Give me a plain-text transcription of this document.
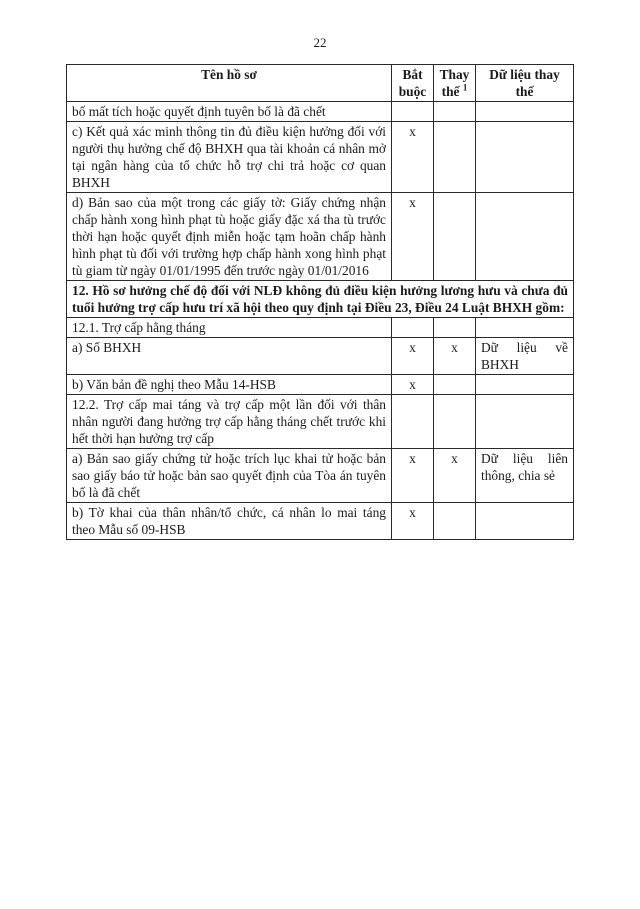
22
Tên hồ sơ	Bắt buộc	Thay thế $^1$	Dữ liệu thay thế
bố mất tích hoặc quyết định tuyên bố là đã chết			
c) Kết quả xác minh thông tin đủ điều kiện hưởng đối với người thụ hưởng chế độ BHXH qua tài khoản cá nhân mở tại ngân hàng của tổ chức hỗ trợ chi trả hoặc cơ quan BHXH	x		
d) Bản sao của một trong các giấy tờ: Giấy chứng nhận chấp hành xong hình phạt tù hoặc giấy đặc xá tha tù trước thời hạn hoặc quyết định miễn hoặc tạm hoãn chấp hành hình phạt tù đối với trường hợp chấp hành xong hình phạt tù giam từ ngày 01/01/1995 đến trước ngày 01/01/2016	x		
12. Hồ sơ hưởng chế độ đối với NLĐ không đủ điều kiện hưởng lương hưu và chưa đủ tuổi hưởng trợ cấp hưu trí xã hội theo quy định tại Điều 23, Điều 24 Luật BHXH gồm:			
12.1. Trợ cấp hằng tháng			
a) Sổ BHXH	x	x	Dữ liệu về BHXH
b) Văn bản đề nghị theo Mẫu 14-HSB	x		
12.2. Trợ cấp mai táng và trợ cấp một lần đối với thân nhân người đang hưởng trợ cấp hằng tháng chết trước khi hết thời hạn hưởng trợ cấp			
a) Bản sao giấy chứng tử hoặc trích lục khai tử hoặc bản sao giấy báo tử hoặc bản sao quyết định của Tòa án tuyên bố là đã chết	x	x	Dữ liệu liên thông, chia sẻ
b) Tờ khai của thân nhân/tổ chức, cá nhân lo mai táng theo Mẫu số 09-HSB	x		
